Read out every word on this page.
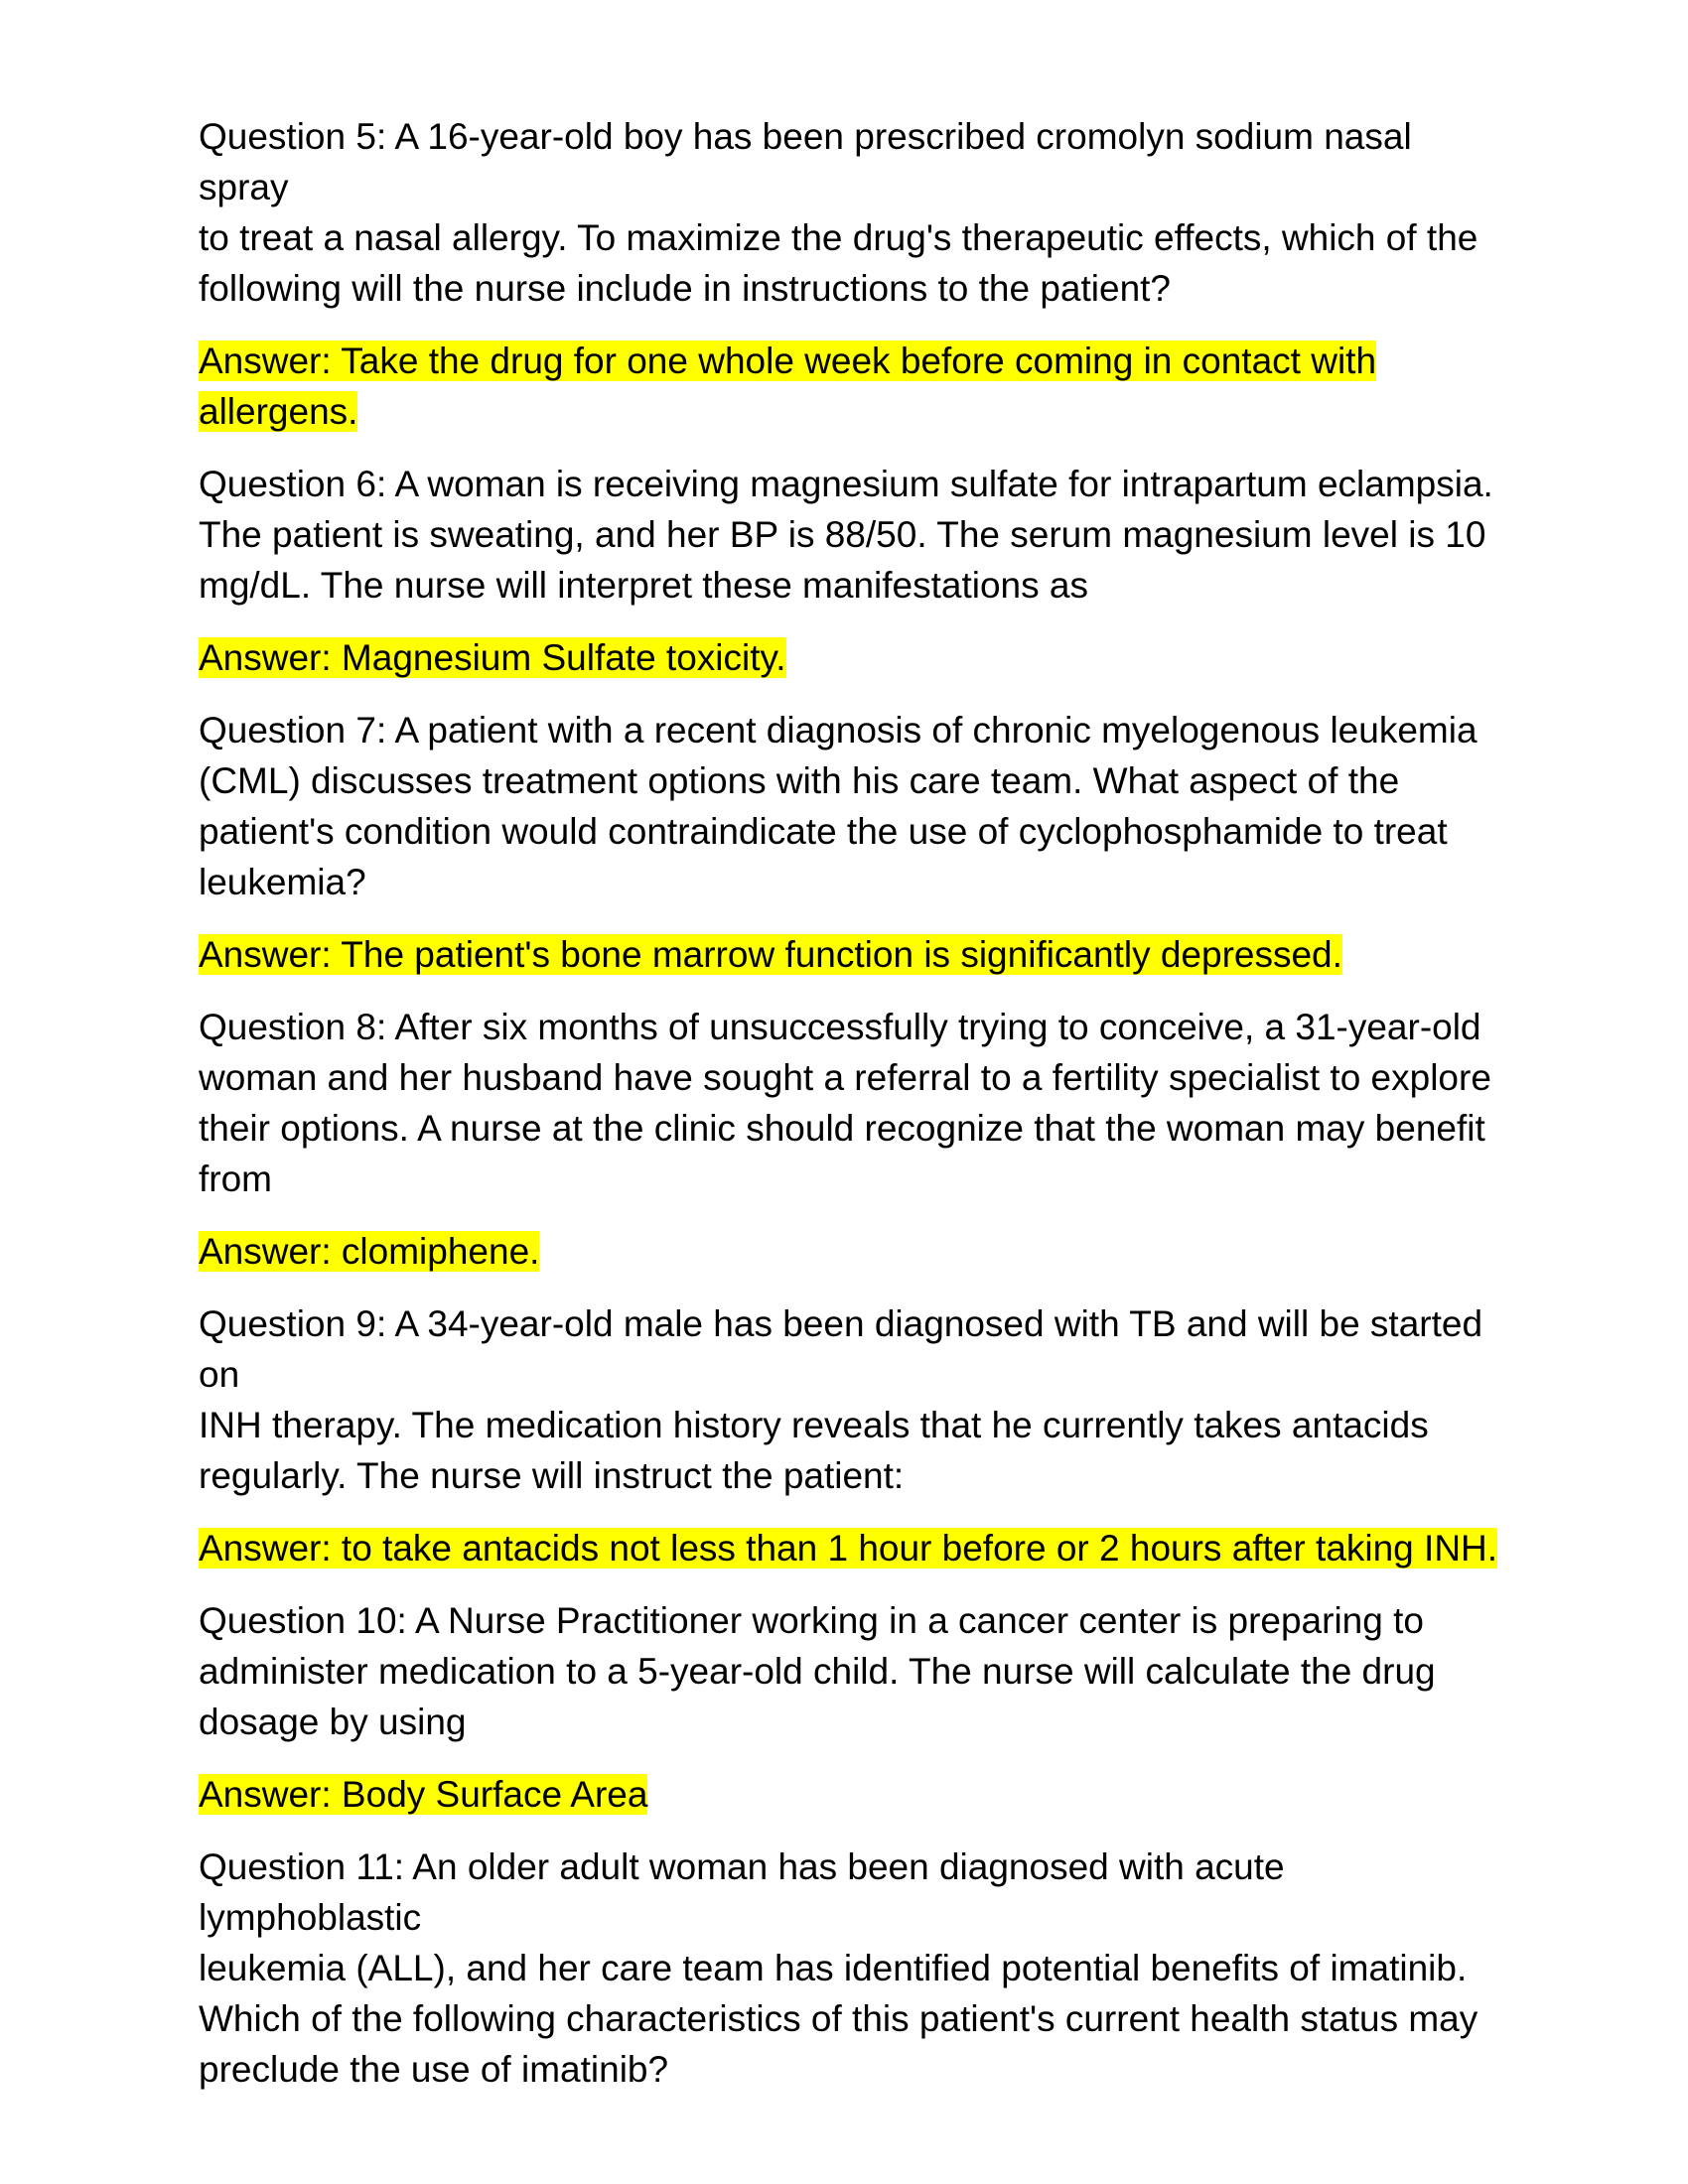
Question 5: A 16-year-old boy has been prescribed cromolyn sodium nasal spray
to treat a nasal allergy. To maximize the drug's therapeutic effects, which of the
following will the nurse include in instructions to the patient?

Answer: Take the drug for one whole week before coming in contact with
allergens.

Question 6: A woman is receiving magnesium sulfate for intrapartum eclampsia.
The patient is sweating, and her BP is 88/50. The serum magnesium level is 10
mg/dL. The nurse will interpret these manifestations as

Answer: Magnesium Sulfate toxicity.

Question 7: A patient with a recent diagnosis of chronic myelogenous leukemia
(CML) discusses treatment options with his care team. What aspect of the
patient's condition would contraindicate the use of cyclophosphamide to treat
leukemia?

Answer: The patient's bone marrow function is significantly depressed.

Question 8: After six months of unsuccessfully trying to conceive, a 31-year-old
woman and her husband have sought a referral to a fertility specialist to explore
their options. A nurse at the clinic should recognize that the woman may benefit
from

Answer: clomiphene.

Question 9: A 34-year-old male has been diagnosed with TB and will be started on
INH therapy. The medication history reveals that he currently takes antacids
regularly. The nurse will instruct the patient:

Answer: to take antacids not less than 1 hour before or 2 hours after taking INH.

Question 10: A Nurse Practitioner working in a cancer center is preparing to
administer medication to a 5-year-old child. The nurse will calculate the drug
dosage by using

Answer: Body Surface Area

Question 11: An older adult woman has been diagnosed with acute lymphoblastic
leukemia (ALL), and her care team has identified potential benefits of imatinib.
Which of the following characteristics of this patient's current health status may
preclude the use of imatinib?
